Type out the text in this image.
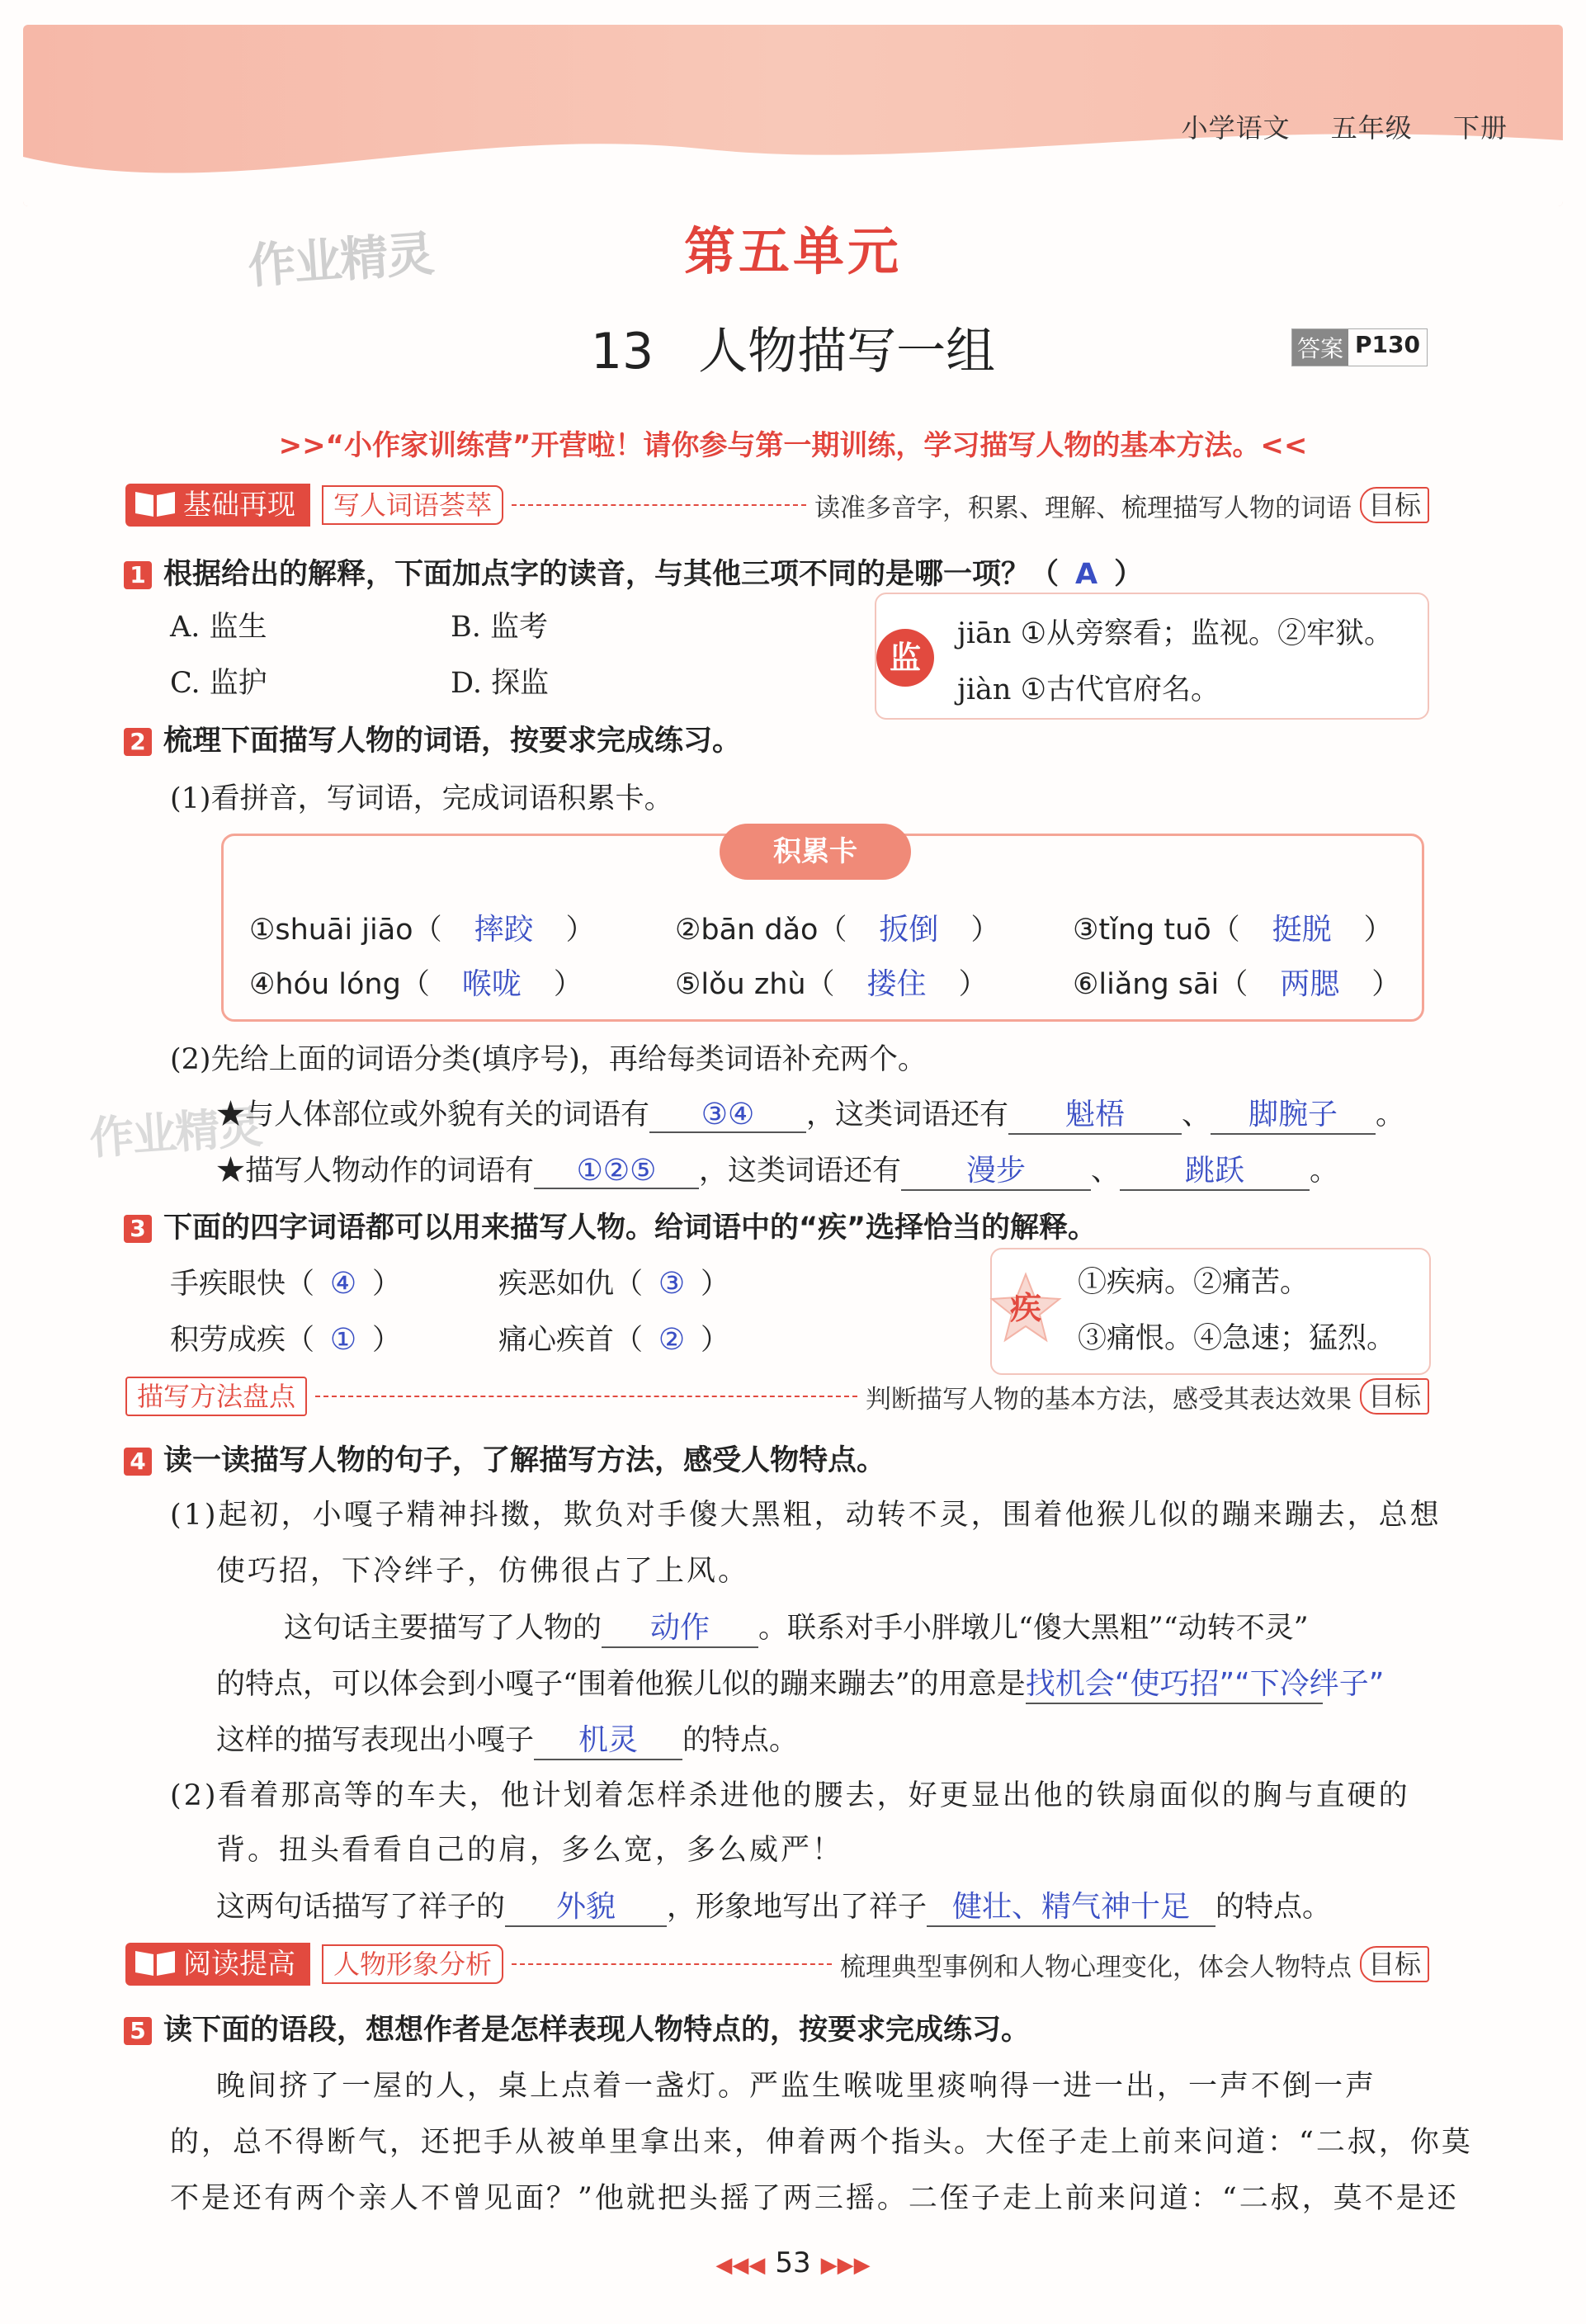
小学语文 五年级 下册
作业精灵
作业精灵
第五单元
13 人物描写一组	答案 P130
>>“小作家训练营”开营啦！请你参与第一期训练，学习描写人物的基本方法。<<
基础再现	写人词语荟萃	读准多音字，积累、理解、梳理描写人物的词语 目标
1 根据给出的解释，下面加点字的读音，与其他三项不同的是哪一项？（ A ）
A. 监生	B. 监考
C. 监护	D. 探监
监
jiān ①从旁察看；监视。②牢狱。
jiàn ①古代官府名。
2 梳理下面描写人物的词语，按要求完成练习。
(1)看拼音，写词语，完成词语积累卡。
积累卡
①shuāi jiāo（ 摔跤 ）	②bān dǎo（ 扳倒 ）	③tǐng tuō（ 挺脱 ）
④hóu lóng（ 喉咙 ）	⑤lǒu zhù（ 搂住 ）	⑥liǎng sāi（ 两腮 ）
(2)先给上面的词语分类(填序号)，再给每类词语补充两个。
★与人体部位或外貌有关的词语有 ③④ ，这类词语还有 魁梧 、 脚腕子 。
★描写人物动作的词语有 ①②⑤ ，这类词语还有 漫步 、 跳跃 。
3 下面的四字词语都可以用来描写人物。给词语中的“疾”选择恰当的解释。
手疾眼快（ ④ ）	疾恶如仇（ ③ ）
积劳成疾（ ① ）	痛心疾首（ ② ）
疾
①疾病。②痛苦。
③痛恨。④急速；猛烈。
描写方法盘点	判断描写人物的基本方法，感受其表达效果 目标
4 读一读描写人物的句子，了解描写方法，感受人物特点。
(1)起初，小嘎子精神抖擞，欺负对手傻大黑粗，动转不灵，围着他猴儿似的蹦来蹦去，总想
使巧招，下冷绊子，仿佛很占了上风。
这句话主要描写了人物的 动作 。联系对手小胖墩儿“傻大黑粗”“动转不灵”
的特点，可以体会到小嘎子“围着他猴儿似的蹦来蹦去”的用意是找机会“使巧招”“下冷绊子”
这样的描写表现出小嘎子 机灵 的特点。
(2)看着那高等的车夫，他计划着怎样杀进他的腰去，好更显出他的铁扇面似的胸与直硬的
背。扭头看看自己的肩，多么宽，多么威严！
这两句话描写了祥子的 外貌 ，形象地写出了祥子 健壮、精气神十足 的特点。
阅读提高	人物形象分析	梳理典型事例和人物心理变化，体会人物特点 目标
5 读下面的语段，想想作者是怎样表现人物特点的，按要求完成练习。
晚间挤了一屋的人，桌上点着一盏灯。严监生喉咙里痰响得一进一出，一声不倒一声
的，总不得断气，还把手从被单里拿出来，伸着两个指头。大侄子走上前来问道：“二叔，你莫
不是还有两个亲人不曾见面？”他就把头摇了两三摇。二侄子走上前来问道：“二叔，莫不是还
◀◀◀ 53 ▶▶▶
